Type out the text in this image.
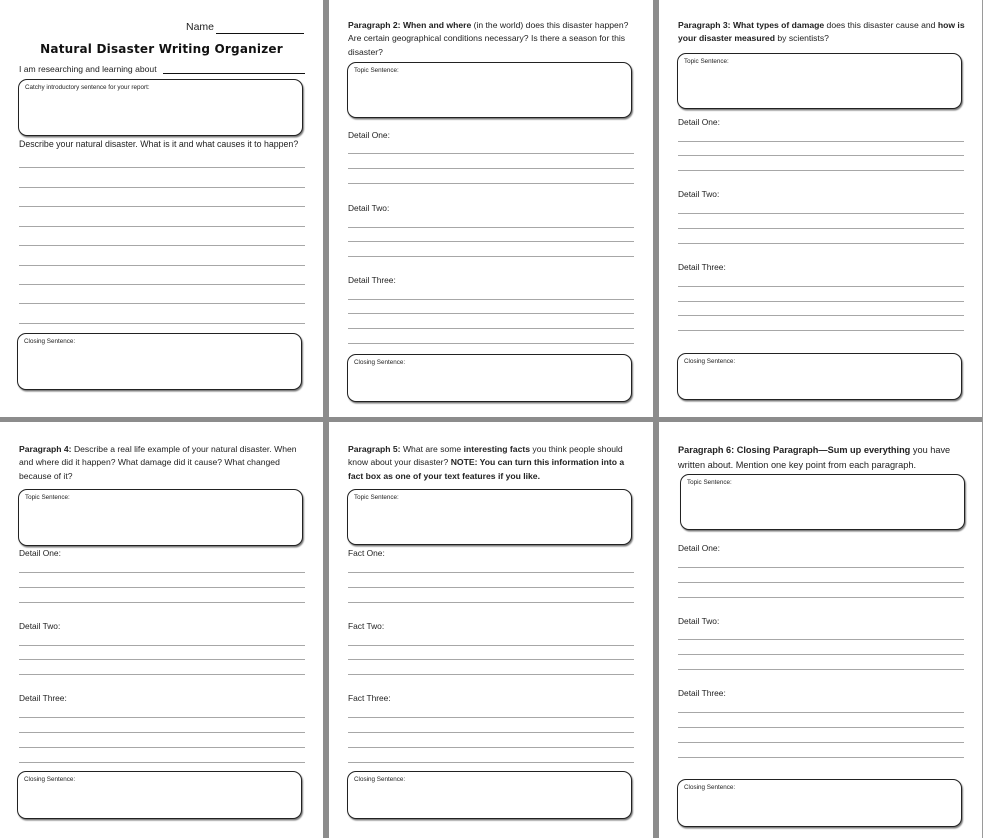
Name
Natural Disaster Writing Organizer
I am researching and learning about
Catchy introductory sentence for your report:
Describe your natural disaster. What is it and what causes it to happen?
Closing Sentence:
Paragraph 2: When and where (in the world) does this disaster happen? Are certain geographical conditions necessary? Is there a season for this disaster?
Topic Sentence:
Detail One:
Detail Two:
Detail Three:
Closing Sentence:
Paragraph 3: What types of damage does this disaster cause and how is your disaster measured by scientists?
Topic Sentence:
Detail One:
Detail Two:
Detail Three:
Closing Sentence:
Paragraph 4: Describe a real life example of your natural disaster. When and where did it happen? What damage did it cause? What changed because of it?
Topic Sentence:
Detail One:
Detail Two:
Detail Three:
Closing Sentence:
Paragraph 5: What are some interesting facts you think people should know about your disaster? NOTE: You can turn this information into a fact box as one of your text features if you like.
Topic Sentence:
Fact One:
Fact Two:
Fact Three:
Closing Sentence:
Paragraph 6: Closing Paragraph—Sum up everything you have written about. Mention one key point from each paragraph.
Topic Sentence:
Detail One:
Detail Two:
Detail Three:
Closing Sentence:
